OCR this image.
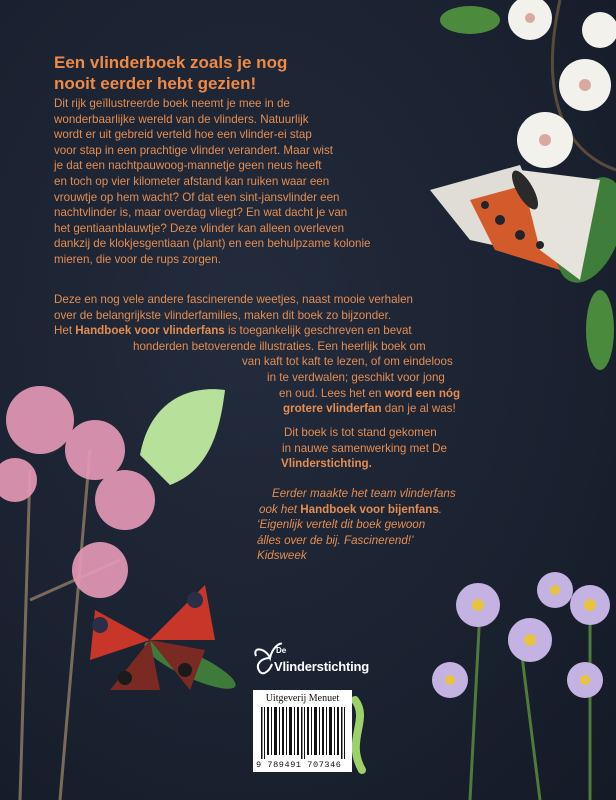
Een vlinderboek zoals je nog
nooit eerder hebt gezien!
Dit rijk geïllustreerde boek neemt je mee in de
wonderbaarlijke wereld van de vlinders. Natuurlijk
wordt er uit gebreid verteld hoe een vlinder-ei stap
voor stap in een prachtige vlinder verandert. Maar wist
je dat een nachtpauwoog-mannetje geen neus heeft
en toch op vier kilometer afstand kan ruiken waar een
vrouwtje op hem wacht? Of dat een sint-jansvlinder een
nachtvlinder is, maar overdag vliegt? En wat dacht je van
het gentiaanblauwtje? Deze vlinder kan alleen overleven
dankzij de klokjesgentiaan (plant) en een behulpzame kolonie
mieren, die voor de rups zorgen.
Deze en nog vele andere fascinerende weetjes, naast mooie verhalen
over de belangrijkste vlinderfamilies, maken dit boek zo bijzonder.
Het Handboek voor vlinderfans is toegankelijk geschreven en bevat
honderden betoverende illustraties. Een heerlijk boek om
van kaft tot kaft te lezen, of om eindeloos
in te verdwalen; geschikt voor jong
en oud. Lees het en word een nóg
grotere vlinderfan dan je al was!
Dit boek is tot stand gekomen
in nauwe samenwerking met De
Vlinderstichting.
Eerder maakte het team vlinderfans
ook het Handboek voor bijenfans.
‘Eigenlijk vertelt dit boek gewoon
álles over de bij. Fascinerend!’
Kidsweek
De
Vlinderstichting
Uitgeverij Menuet
9 789491 707346
